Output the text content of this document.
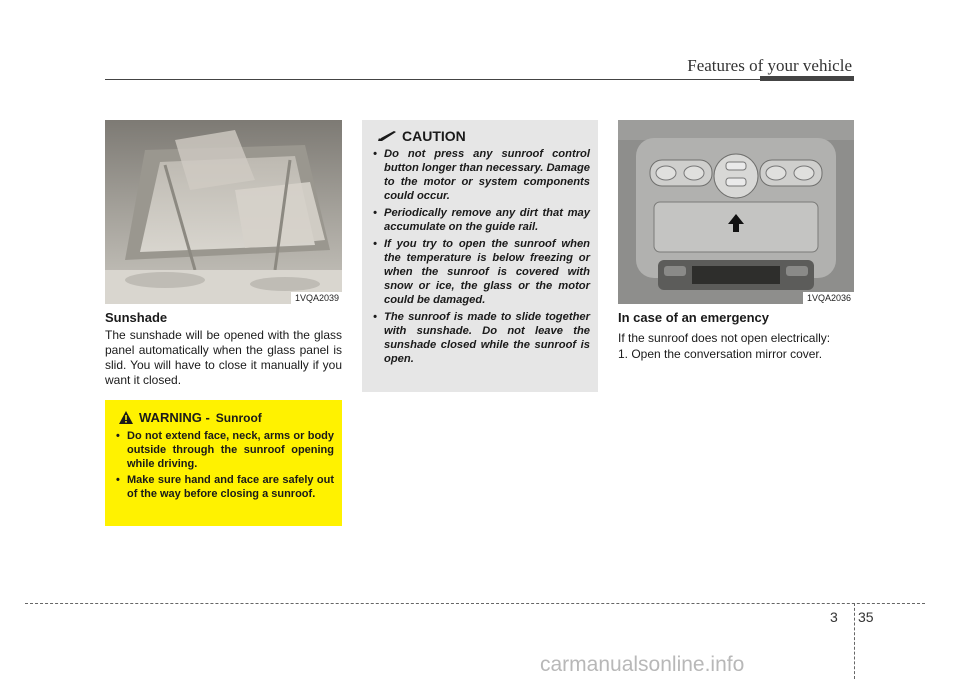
Features of your vehicle
1VQA2039
Sunshade

The sunshade will be opened with the glass panel automatically when the glass panel is slid. You will have to close it manually if you want it closed.

WARNING - Sunroof
• Do not extend face, neck, arms or body outside through the sunroof opening while driving.
• Make sure hand and face are safely out of the way before closing a sunroof.
CAUTION
• Do not press any sunroof control button longer than necessary. Damage to the motor or system components could occur.
• Periodically remove any dirt that may accumulate on the guide rail.
• If you try to open the sunroof when the temperature is below freezing or when the sunroof is covered with snow or ice, the glass or the motor could be damaged.
• The sunroof is made to slide together with sunshade. Do not leave the sunshade closed while the sunroof is open.
1VQA2036
In case of an emergency

If the sunroof does not open electrically:

1. Open the conversation mirror cover.

3 35
carmanualsonline.info
